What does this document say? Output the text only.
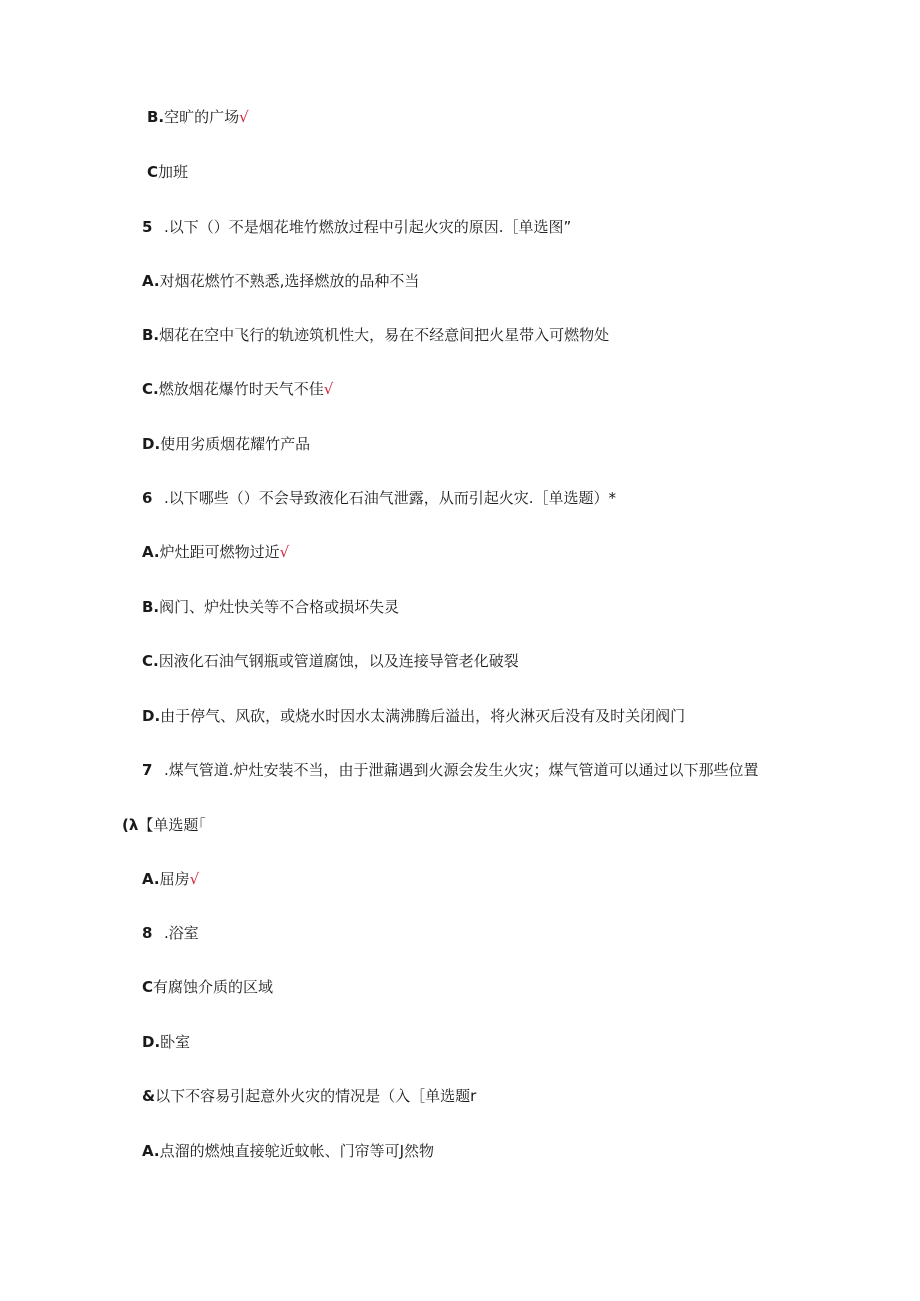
B.空旷的广场√
C加班
5 .以下（）不是烟花堆竹燃放过程中引起火灾的原因.［单选图”
A.对烟花燃竹不熟悉,选择燃放的品种不当
B.烟花在空中飞行的轨迹筑机性大，易在不经意间把火星带入可燃物处
C.燃放烟花爆竹时天气不佳√
D.使用劣质烟花耀竹产品
6 .以下哪些（）不会导致液化石油气泄露，从而引起火灾.［单选题）*
A.炉灶距可燃物过近√
B.阀门、炉灶快关等不合格或损坏失灵
C.因液化石油气钢瓶或管道腐蚀，以及连接导管老化破裂
D.由于停气、风砍，或烧水时因水太满沸腾后溢出，将火淋灭后没有及时关闭阀门
7 .煤气管道.炉灶安装不当，由于泄鼐遇到火源会发生火灾；煤气管道可以通过以下那些位置
(λ【单选题｢
A.屈房√
8 .浴室
C有腐蚀介质的区域
D.卧室
&以下不容易引起意外火灾的情况是（入［单选题r
A.点溜的燃烛直接鸵近蚊帐、门帘等可J然物
